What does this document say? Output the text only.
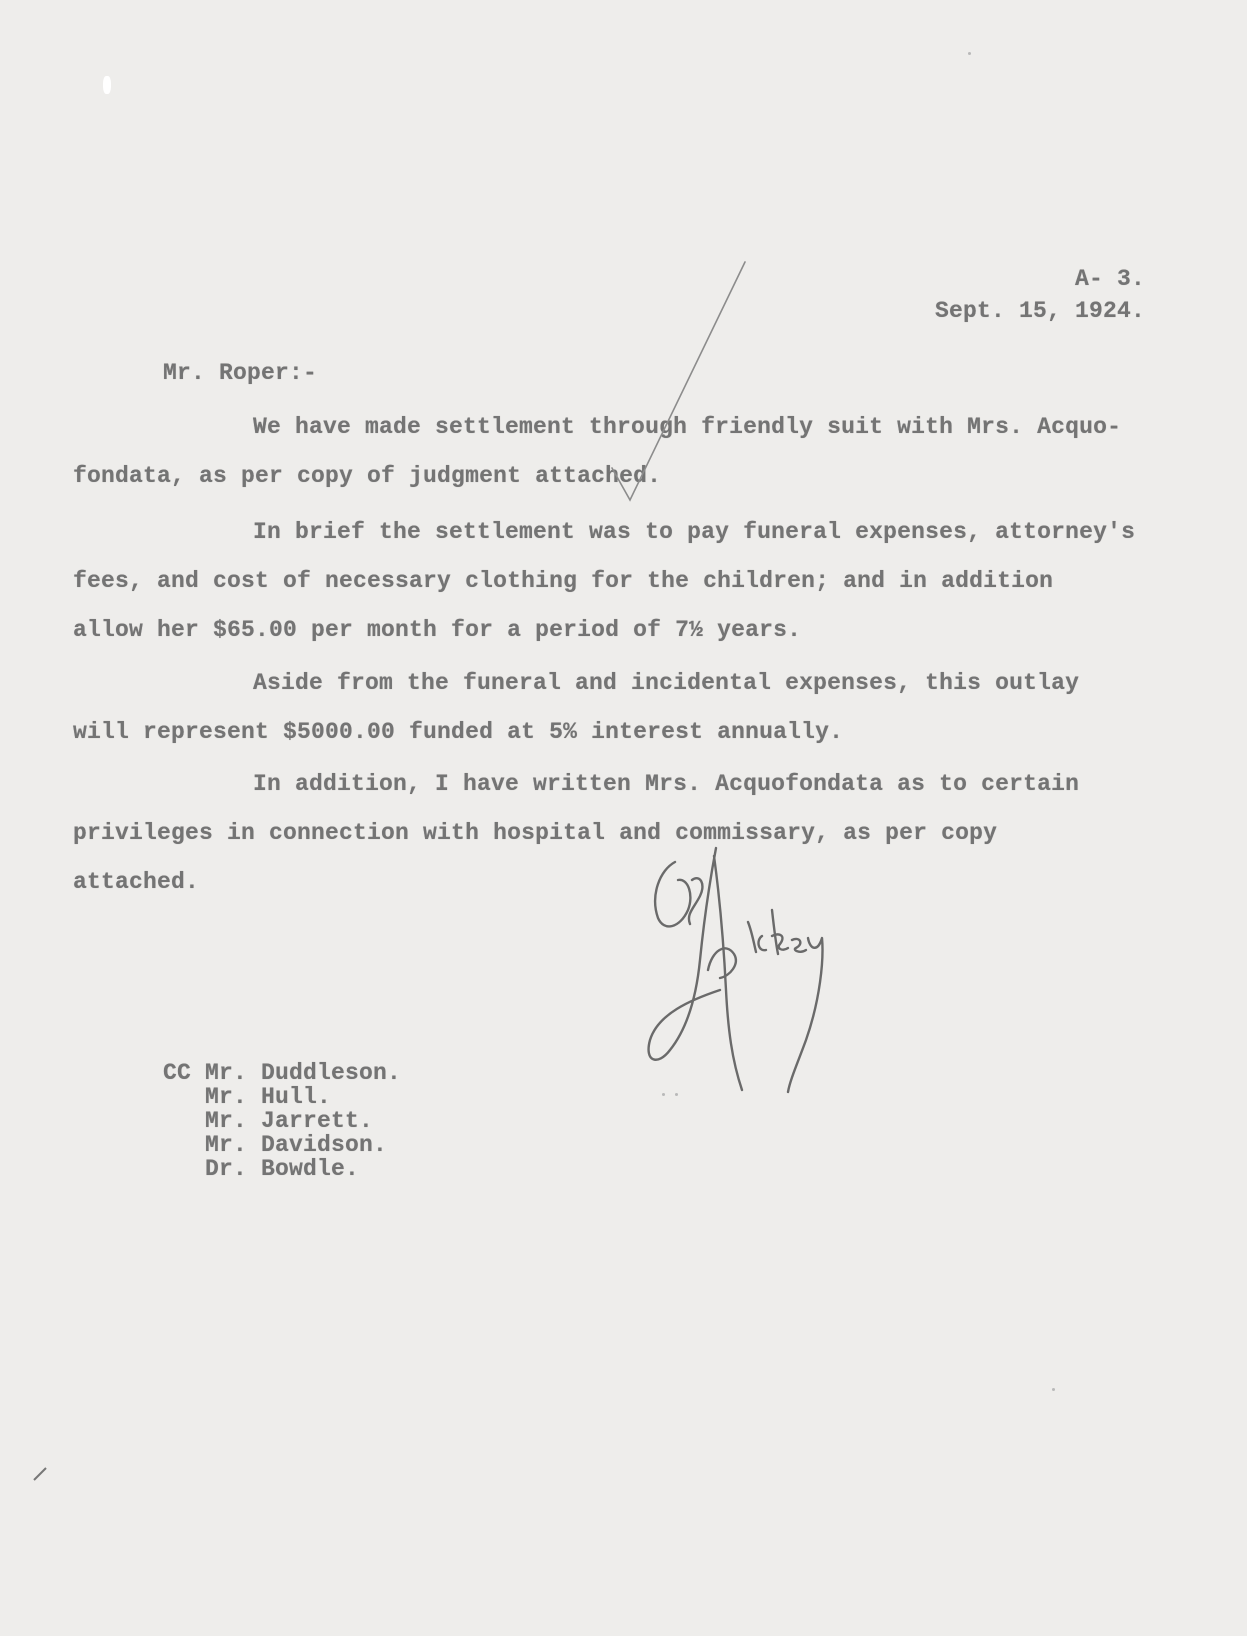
A- 3.
Sept. 15, 1924.
Mr. Roper:-

We have made settlement through friendly suit with Mrs. Acquo-
fondata, as per copy of judgment attached.

In brief the settlement was to pay funeral expenses, attorney's
fees, and cost of necessary clothing for the children; and in addition
allow her $65.00 per month for a period of 7½ years.

Aside from the funeral and incidental expenses, this outlay
will represent $5000.00 funded at 5% interest annually.

In addition, I have written Mrs. Acquofondata as to certain
privileges in connection with hospital and commissary, as per copy
attached.

CC Mr. Duddleson.
Mr. Hull.
Mr. Jarrett.
Mr. Davidson.
Dr. Bowdle.
